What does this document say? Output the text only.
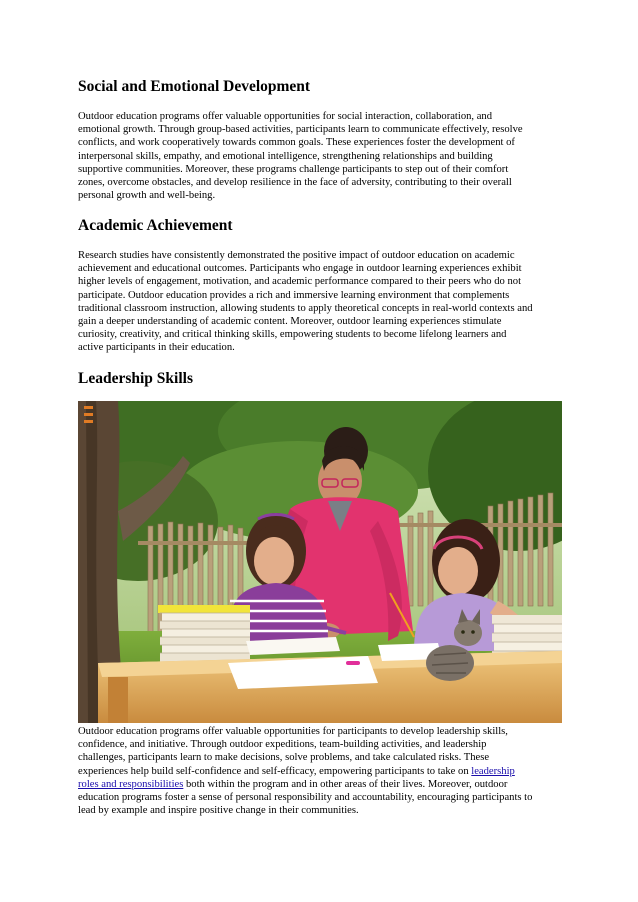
Social and Emotional Development

Outdoor education programs offer valuable opportunities for social interaction, collaboration, and
emotional growth. Through group-based activities, participants learn to communicate effectively, resolve
conflicts, and work cooperatively towards common goals. These experiences foster the development of
interpersonal skills, empathy, and emotional intelligence, strengthening relationships and building
supportive communities. Moreover, these programs challenge participants to step out of their comfort
zones, overcome obstacles, and develop resilience in the face of adversity, contributing to their overall
personal growth and well-being.

Academic Achievement

Research studies have consistently demonstrated the positive impact of outdoor education on academic
achievement and educational outcomes. Participants who engage in outdoor learning experiences exhibit
higher levels of engagement, motivation, and academic performance compared to their peers who do not
participate. Outdoor education provides a rich and immersive learning environment that complements
traditional classroom instruction, allowing students to apply theoretical concepts in real-world contexts and
gain a deeper understanding of academic content. Moreover, outdoor learning experiences stimulate
curiosity, creativity, and critical thinking skills, empowering students to become lifelong learners and
active participants in their education.

Leadership Skills

Outdoor education programs offer valuable opportunities for participants to develop leadership skills,
confidence, and initiative. Through outdoor expeditions, team-building activities, and leadership
challenges, participants learn to make decisions, solve problems, and take calculated risks. These
experiences help build self-confidence and self-efficacy, empowering participants to take on leadership
roles and responsibilities both within the program and in other areas of their lives. Moreover, outdoor
education programs foster a sense of personal responsibility and accountability, encouraging participants to
lead by example and inspire positive change in their communities.
